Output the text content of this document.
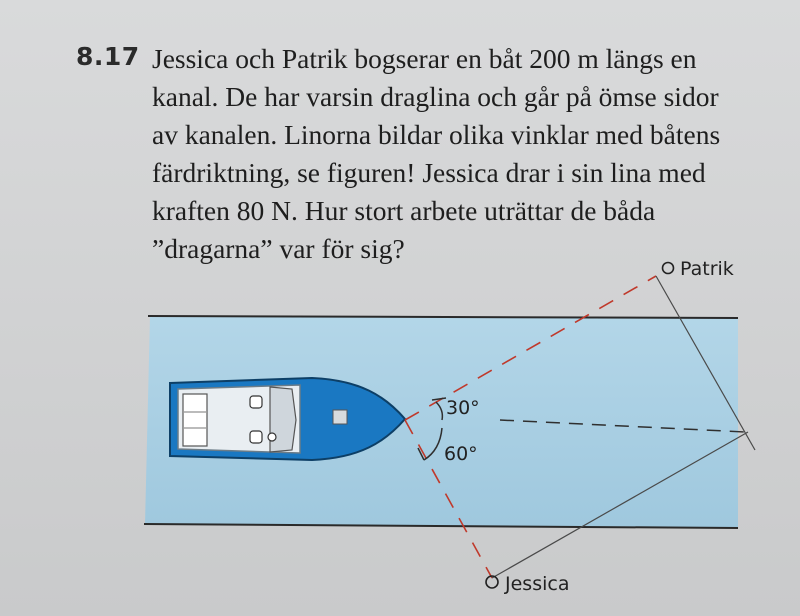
8.17 Jessica och Patrik bogserar en båt 200 m längs en
kanal. De har varsin draglina och går på ömse sidor
av kanalen. Linorna bildar olika vinklar med båtens
färdriktning, se figuren! Jessica drar i sin lina med
kraften 80 N. Hur stort arbete uträttar de båda
”dragarna” var för sig?
30°
60°
Patrik
Jessica
